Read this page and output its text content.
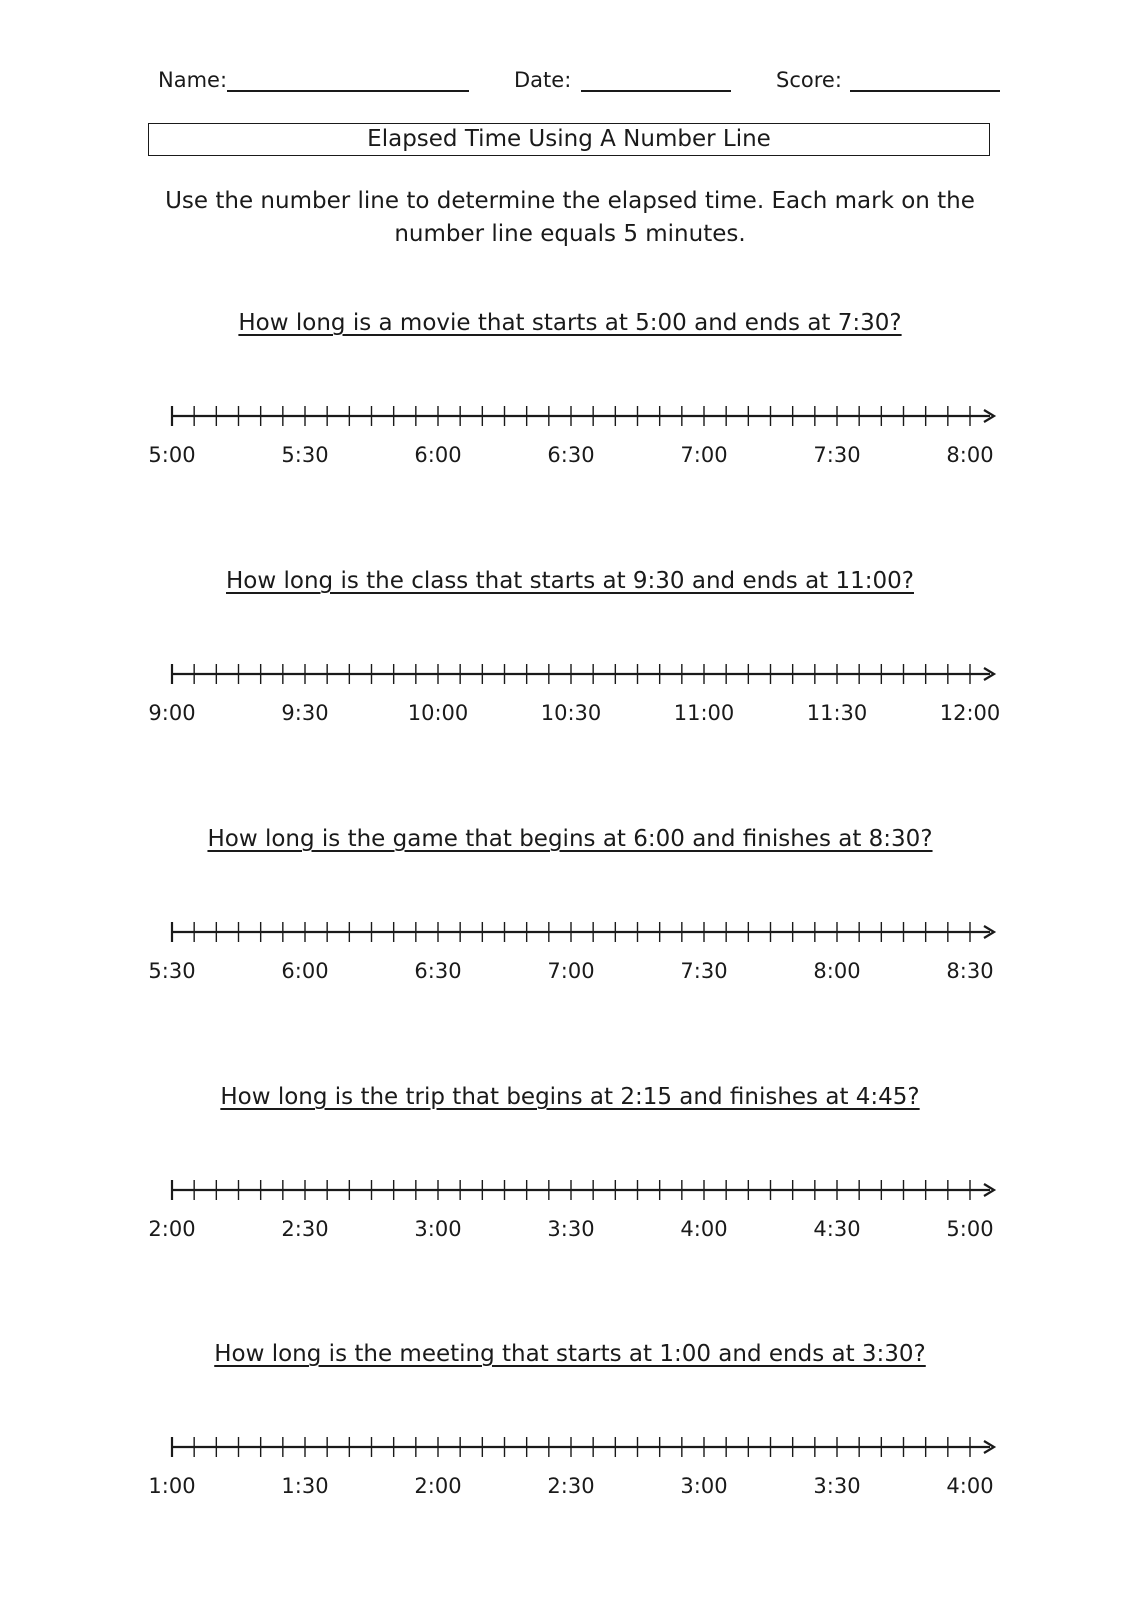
Name:	Date:	Score:
Elapsed Time Using A Number Line
Use the number line to determine the elapsed time. Each mark on the number line equals 5 minutes.
How long is a movie that starts at 5:00 and ends at 7:30?
5:00	5:30	6:00	6:30	7:00	7:30	8:00
How long is the class that starts at 9:30 and ends at 11:00?
9:00	9:30	10:00	10:30	11:00	11:30	12:00
How long is the game that begins at 6:00 and finishes at 8:30?
5:30	6:00	6:30	7:00	7:30	8:00	8:30
How long is the trip that begins at 2:15 and finishes at 4:45?
2:00	2:30	3:00	3:30	4:00	4:30	5:00
How long is the meeting that starts at 1:00 and ends at 3:30?
1:00	1:30	2:00	2:30	3:00	3:30	4:00
